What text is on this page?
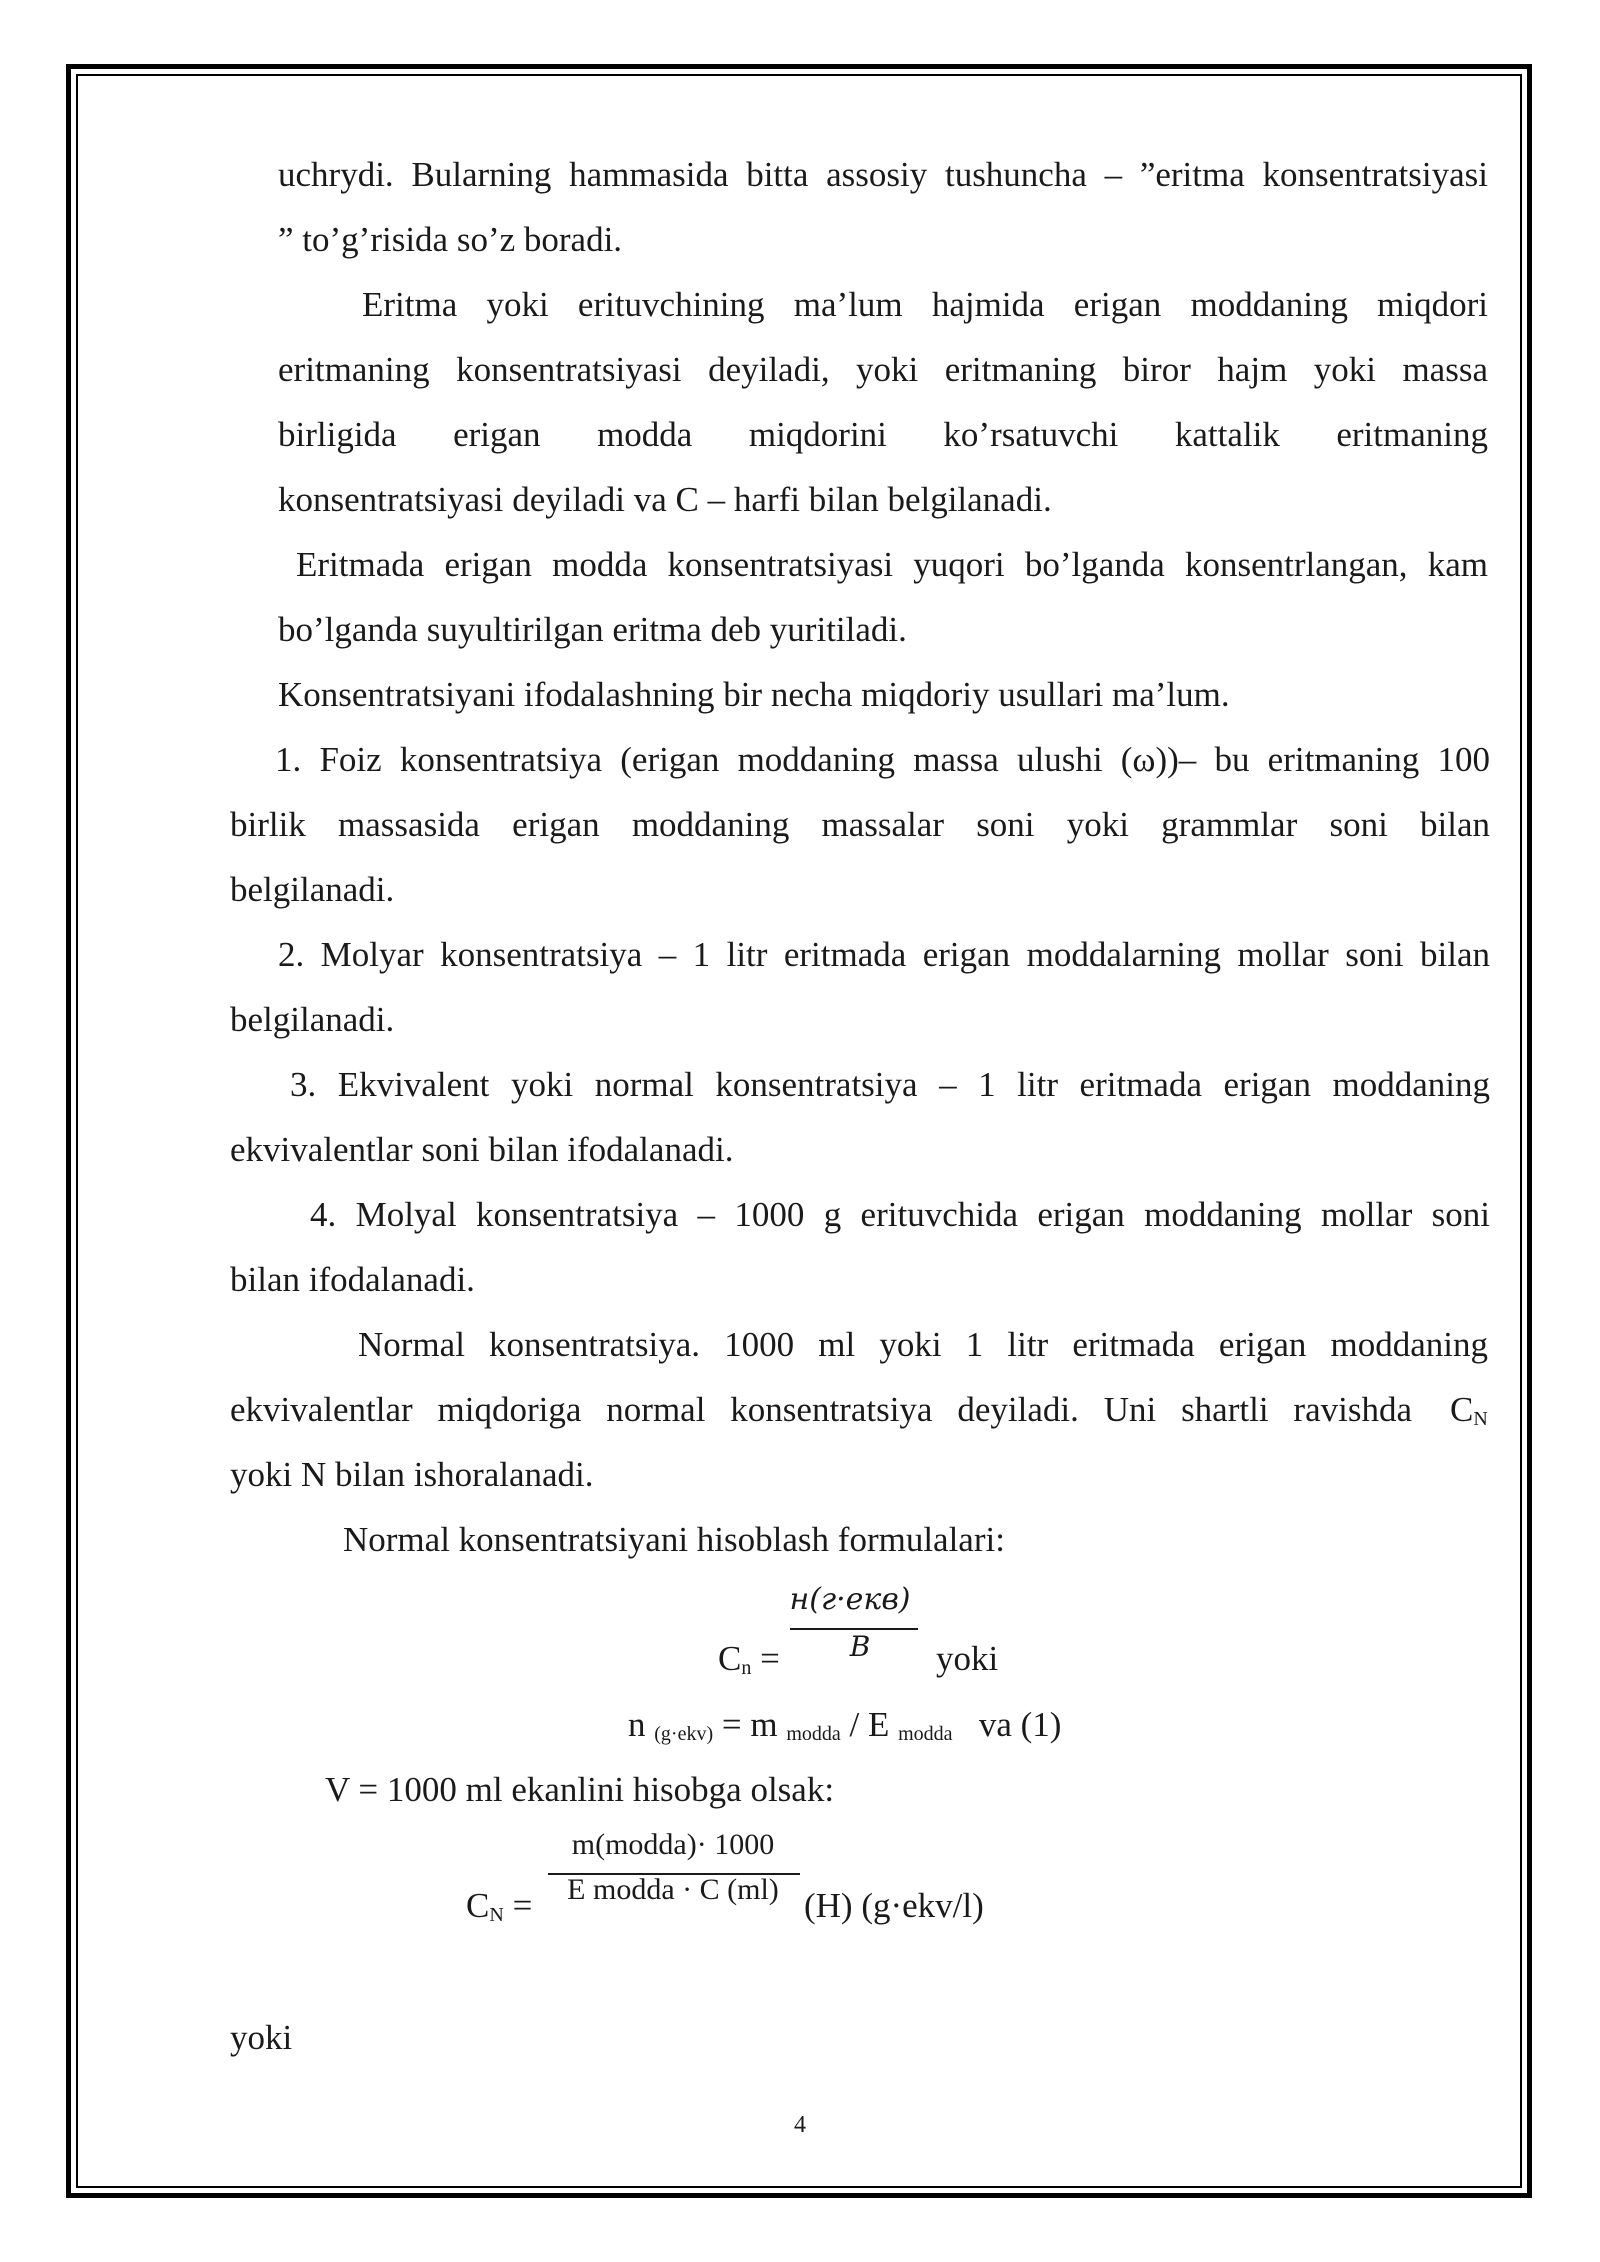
uchrydi. Bularning hammasida bitta assosiy tushuncha – ”eritma konsentratsiyasi
” to’g’risida so’z boradi.
Eritma yoki erituvchining ma’lum hajmida erigan moddaning miqdori
eritmaning konsentratsiyasi deyiladi, yoki eritmaning biror hajm yoki massa
birligida erigan modda miqdorini ko’rsatuvchi kattalik eritmaning
konsentratsiyasi deyiladi va C – harfi bilan belgilanadi.
Eritmada erigan modda konsentratsiyasi yuqori bo’lganda konsentrlangan, kam
bo’lganda suyultirilgan eritma deb yuritiladi.
Konsentratsiyani ifodalashning bir necha miqdoriy usullari ma’lum.
1. Foiz konsentratsiya (erigan moddaning massa ulushi (ω))– bu eritmaning 100
birlik massasida erigan moddaning massalar soni yoki grammlar soni bilan
belgilanadi.
2. Molyar konsentratsiya – 1 litr eritmada erigan moddalarning mollar soni bilan
belgilanadi.
3. Ekvivalent yoki normal konsentratsiya – 1 litr eritmada erigan moddaning
ekvivalentlar soni bilan ifodalanadi.
4. Molyal konsentratsiya – 1000 g erituvchida erigan moddaning mollar soni
bilan ifodalanadi.
Normal konsentratsiya. 1000 ml yoki 1 litr eritmada erigan moddaning
ekvivalentlar miqdoriga normal konsentratsiya deyiladi. Uni shartli ravishda $C_N$
yoki N bilan ishoralanadi.
Normal konsentratsiyani hisoblash formulalari:
н(г·екв)
B
$C_n$ =	yoki
n $_{(g\cdot ekv)}$ = m $_{modda}$ / E $_{modda}$ va (1)
V = 1000 ml ekanlini hisobga olsak:
m(modda)· 1000
E modda · C (ml)
$C_N$ =	(H) (g·ekv/l)
yoki
4
